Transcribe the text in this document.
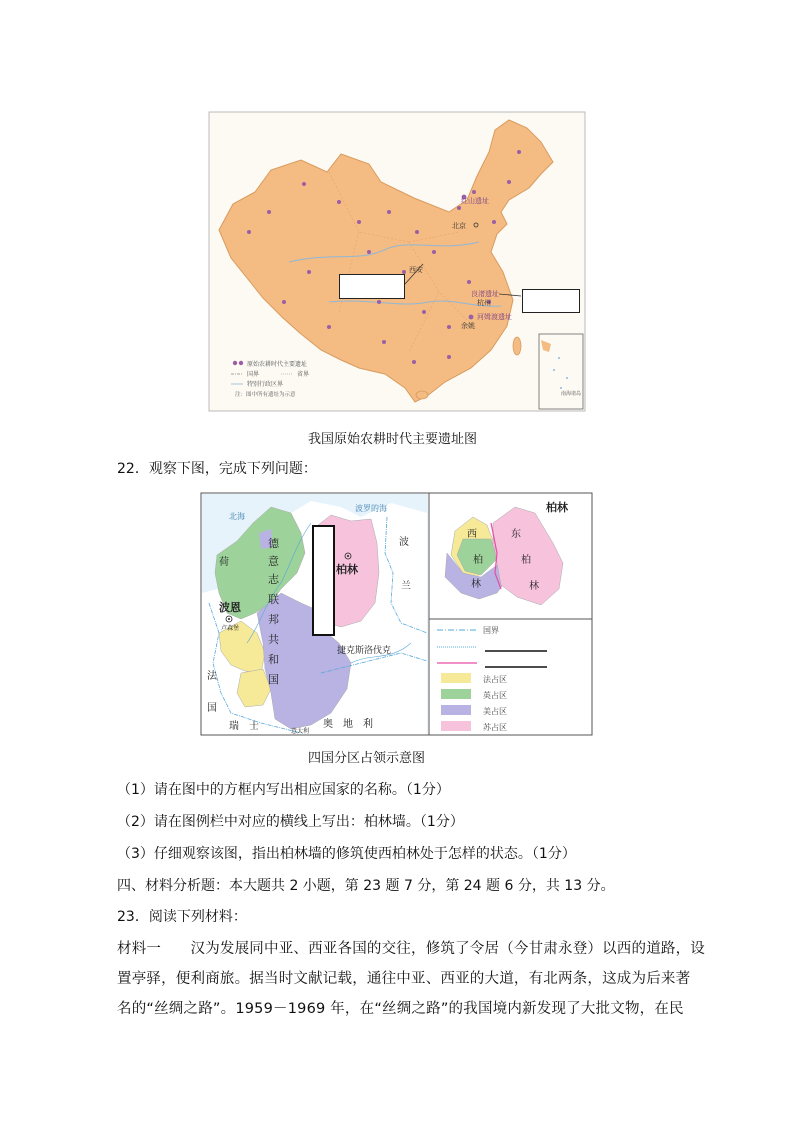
红山遗址
北京
西安
良渚遗址
杭州
河姆渡遗址
余姚
原始农耕时代主要遗址
国界	省界
特别行政区界
注：图中所有遗址为示意	南海诸岛
我国原始农耕时代主要遗址图
22．观察下图，完成下列问题：
北海
波罗的海
德
意
志
联
邦
共
和
国
波恩
柏林
荷
卢森堡
法
国
瑞　士	奥　地　利
波
兰
捷克斯洛伐克
意大利
柏林
西
柏
林
东
柏
林
国界
法占区
英占区
美占区
苏占区
四国分区占领示意图
（1）请在图中的方框内写出相应国家的名称。（1分）
（2）请在图例栏中对应的横线上写出：柏林墙。（1分）
（3）仔细观察该图，指出柏林墙的修筑使西柏林处于怎样的状态。（1分）
四、材料分析题：本大题共 2 小题，第 23 题 7 分，第 24 题 6 分，共 13 分。
23．阅读下列材料：
材料一　　汉为发展同中亚、西亚各国的交往，修筑了令居（今甘肃永登）以西的道路，设
置亭驿，便利商旅。据当时文献记载，通往中亚、西亚的大道，有北两条，这成为后来著
名的“丝绸之路”。1959－1969 年，在“丝绸之路”的我国境内新发现了大批文物，在民
